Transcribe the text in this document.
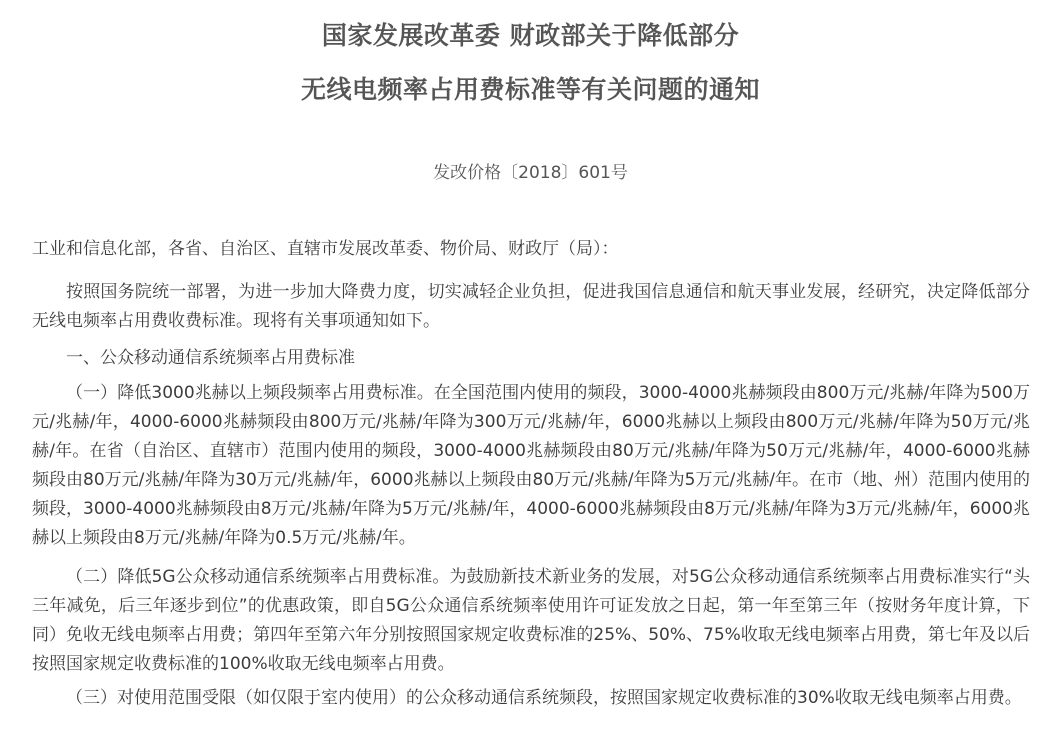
国家发展改革委 财政部关于降低部分
无线电频率占用费标准等有关问题的通知
发改价格〔2018〕601号

工业和信息化部，各省、自治区、直辖市发展改革委、物价局、财政厅（局）：

按照国务院统一部署，为进一步加大降费力度，切实减轻企业负担，促进我国信息通信和航天事业发展，经研究，决定降低部分无线电频率占用费收费标准。现将有关事项通知如下。

一、公众移动通信系统频率占用费标准

（一）降低3000兆赫以上频段频率占用费标准。在全国范围内使用的频段，3000-4000兆赫频段由800万元/兆赫/年降为500万元/兆赫/年，4000-6000兆赫频段由800万元/兆赫/年降为300万元/兆赫/年，6000兆赫以上频段由800万元/兆赫/年降为50万元/兆赫/年。在省（自治区、直辖市）范围内使用的频段，3000-4000兆赫频段由80万元/兆赫/年降为50万元/兆赫/年，4000-6000兆赫频段由80万元/兆赫/年降为30万元/兆赫/年，6000兆赫以上频段由80万元/兆赫/年降为5万元/兆赫/年。在市（地、州）范围内使用的频段，3000-4000兆赫频段由8万元/兆赫/年降为5万元/兆赫/年，4000-6000兆赫频段由8万元/兆赫/年降为3万元/兆赫/年，6000兆赫以上频段由8万元/兆赫/年降为0.5万元/兆赫/年。

（二）降低5G公众移动通信系统频率占用费标准。为鼓励新技术新业务的发展，对5G公众移动通信系统频率占用费标准实行“头三年减免，后三年逐步到位”的优惠政策，即自5G公众通信系统频率使用许可证发放之日起，第一年至第三年（按财务年度计算，下同）免收无线电频率占用费；第四年至第六年分别按照国家规定收费标准的25%、50%、75%收取无线电频率占用费，第七年及以后按照国家规定收费标准的100%收取无线电频率占用费。

（三）对使用范围受限（如仅限于室内使用）的公众移动通信系统频段，按照国家规定收费标准的30%收取无线电频率占用费。
